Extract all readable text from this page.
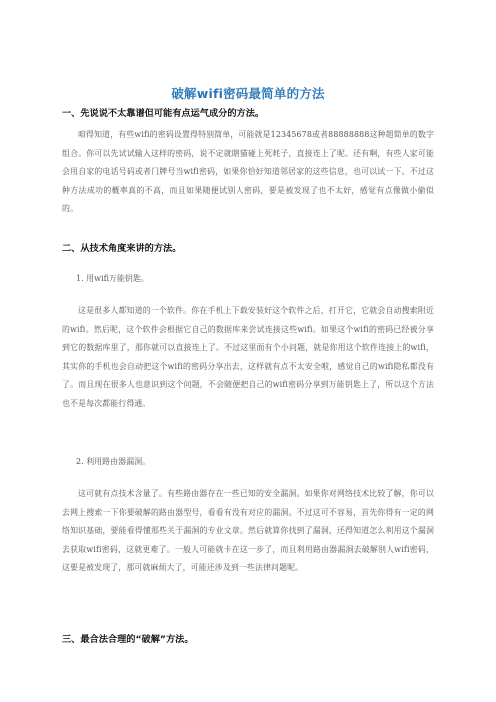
破解wifi密码最简单的方法
一、先说说不太靠谱但可能有点运气成分的方法。
咱得知道，有些wifi的密码设置得特别简单，可能就是12345678或者88888888这种超简单的数字组合。你可以先试试输入这样的密码，说不定就瞎猫碰上死耗子，直接连上了呢。还有啊，有些人家可能会用自家的电话号码或者门牌号当wifi密码，如果你恰好知道邻居家的这些信息，也可以试一下。不过这种方法成功的概率真的不高，而且如果随便试别人密码，要是被发现了也不太好，感觉有点像做小偷似的。
二、从技术角度来讲的方法。
1. 用wifi万能钥匙。
这是很多人都知道的一个软件。你在手机上下载安装好这个软件之后，打开它，它就会自动搜索附近的wifi。然后呢，这个软件会根据它自己的数据库来尝试连接这些wifi。如果这个wifi的密码已经被分享到它的数据库里了，那你就可以直接连上了。不过这里面有个小问题，就是你用这个软件连接上的wifi，其实你的手机也会自动把这个wifi的密码分享出去，这样就有点不太安全啦，感觉自己的wifi隐私都没有了。而且现在很多人也意识到这个问题，不会随便把自己的wifi密码分享到万能钥匙上了，所以这个方法也不是每次都能行得通。
2. 利用路由器漏洞。
这可就有点技术含量了。有些路由器存在一些已知的安全漏洞。如果你对网络技术比较了解，你可以去网上搜索一下你要破解的路由器型号，看看有没有对应的漏洞。不过这可不容易，首先你得有一定的网络知识基础，要能看得懂那些关于漏洞的专业文章。然后就算你找到了漏洞，还得知道怎么利用这个漏洞去获取wifi密码，这就更难了。一般人可能就卡在这一步了，而且利用路由器漏洞去破解别人wifi密码，这要是被发现了，那可就麻烦大了，可能还涉及到一些法律问题呢。
三、最合法合理的“破解”方法。
